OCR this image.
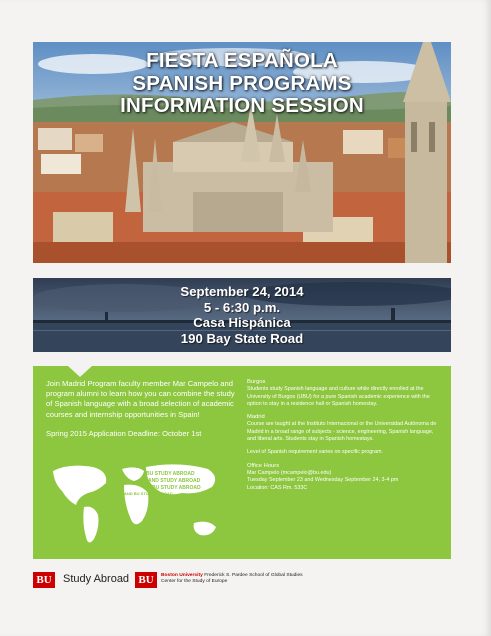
FIESTA ESPAÑOLA
SPANISH PROGRAMS
INFORMATION SESSION
September 24, 2014
5 - 6:30 p.m.
Casa Hispánica
190 Bay State Road

Join Madrid Program faculty member Mar Campelo and program alumni to learn how you can combine the study of Spanish language with a broad selection of academic courses and internship opportunities in Spain!

Spring 2015 Application Deadline: October 1st

BU STUDY ABROAD
AND STUDY ABROAD
BU STUDY ABROAD
AND BU STUDY ABROAD

Burgos

Students study Spanish language and culture while directly enrolled at the University of Burgos (UBU) for a pure Spanish academic experience with the option to stay in a residence hall or Spanish homestay.

Madrid

Course are taught at the Instituto Internacional or the Universidad Autónoma de Madrid in a broad range of subjects - science, engineering, Spanish language, and liberal arts. Students stay in Spanish homestays.

Level of Spanish requirement varies on specific program.

Office Hours

Mar Campelo (mcampelo@bu.edu)
Tuesday September 23 and Wednesday September 24, 3-4 pm
Location: CAS Rm. 533C
BU	Study Abroad BU	Boston University Frederick S. Pardee School of Global Studies
Center for the Study of Europe
